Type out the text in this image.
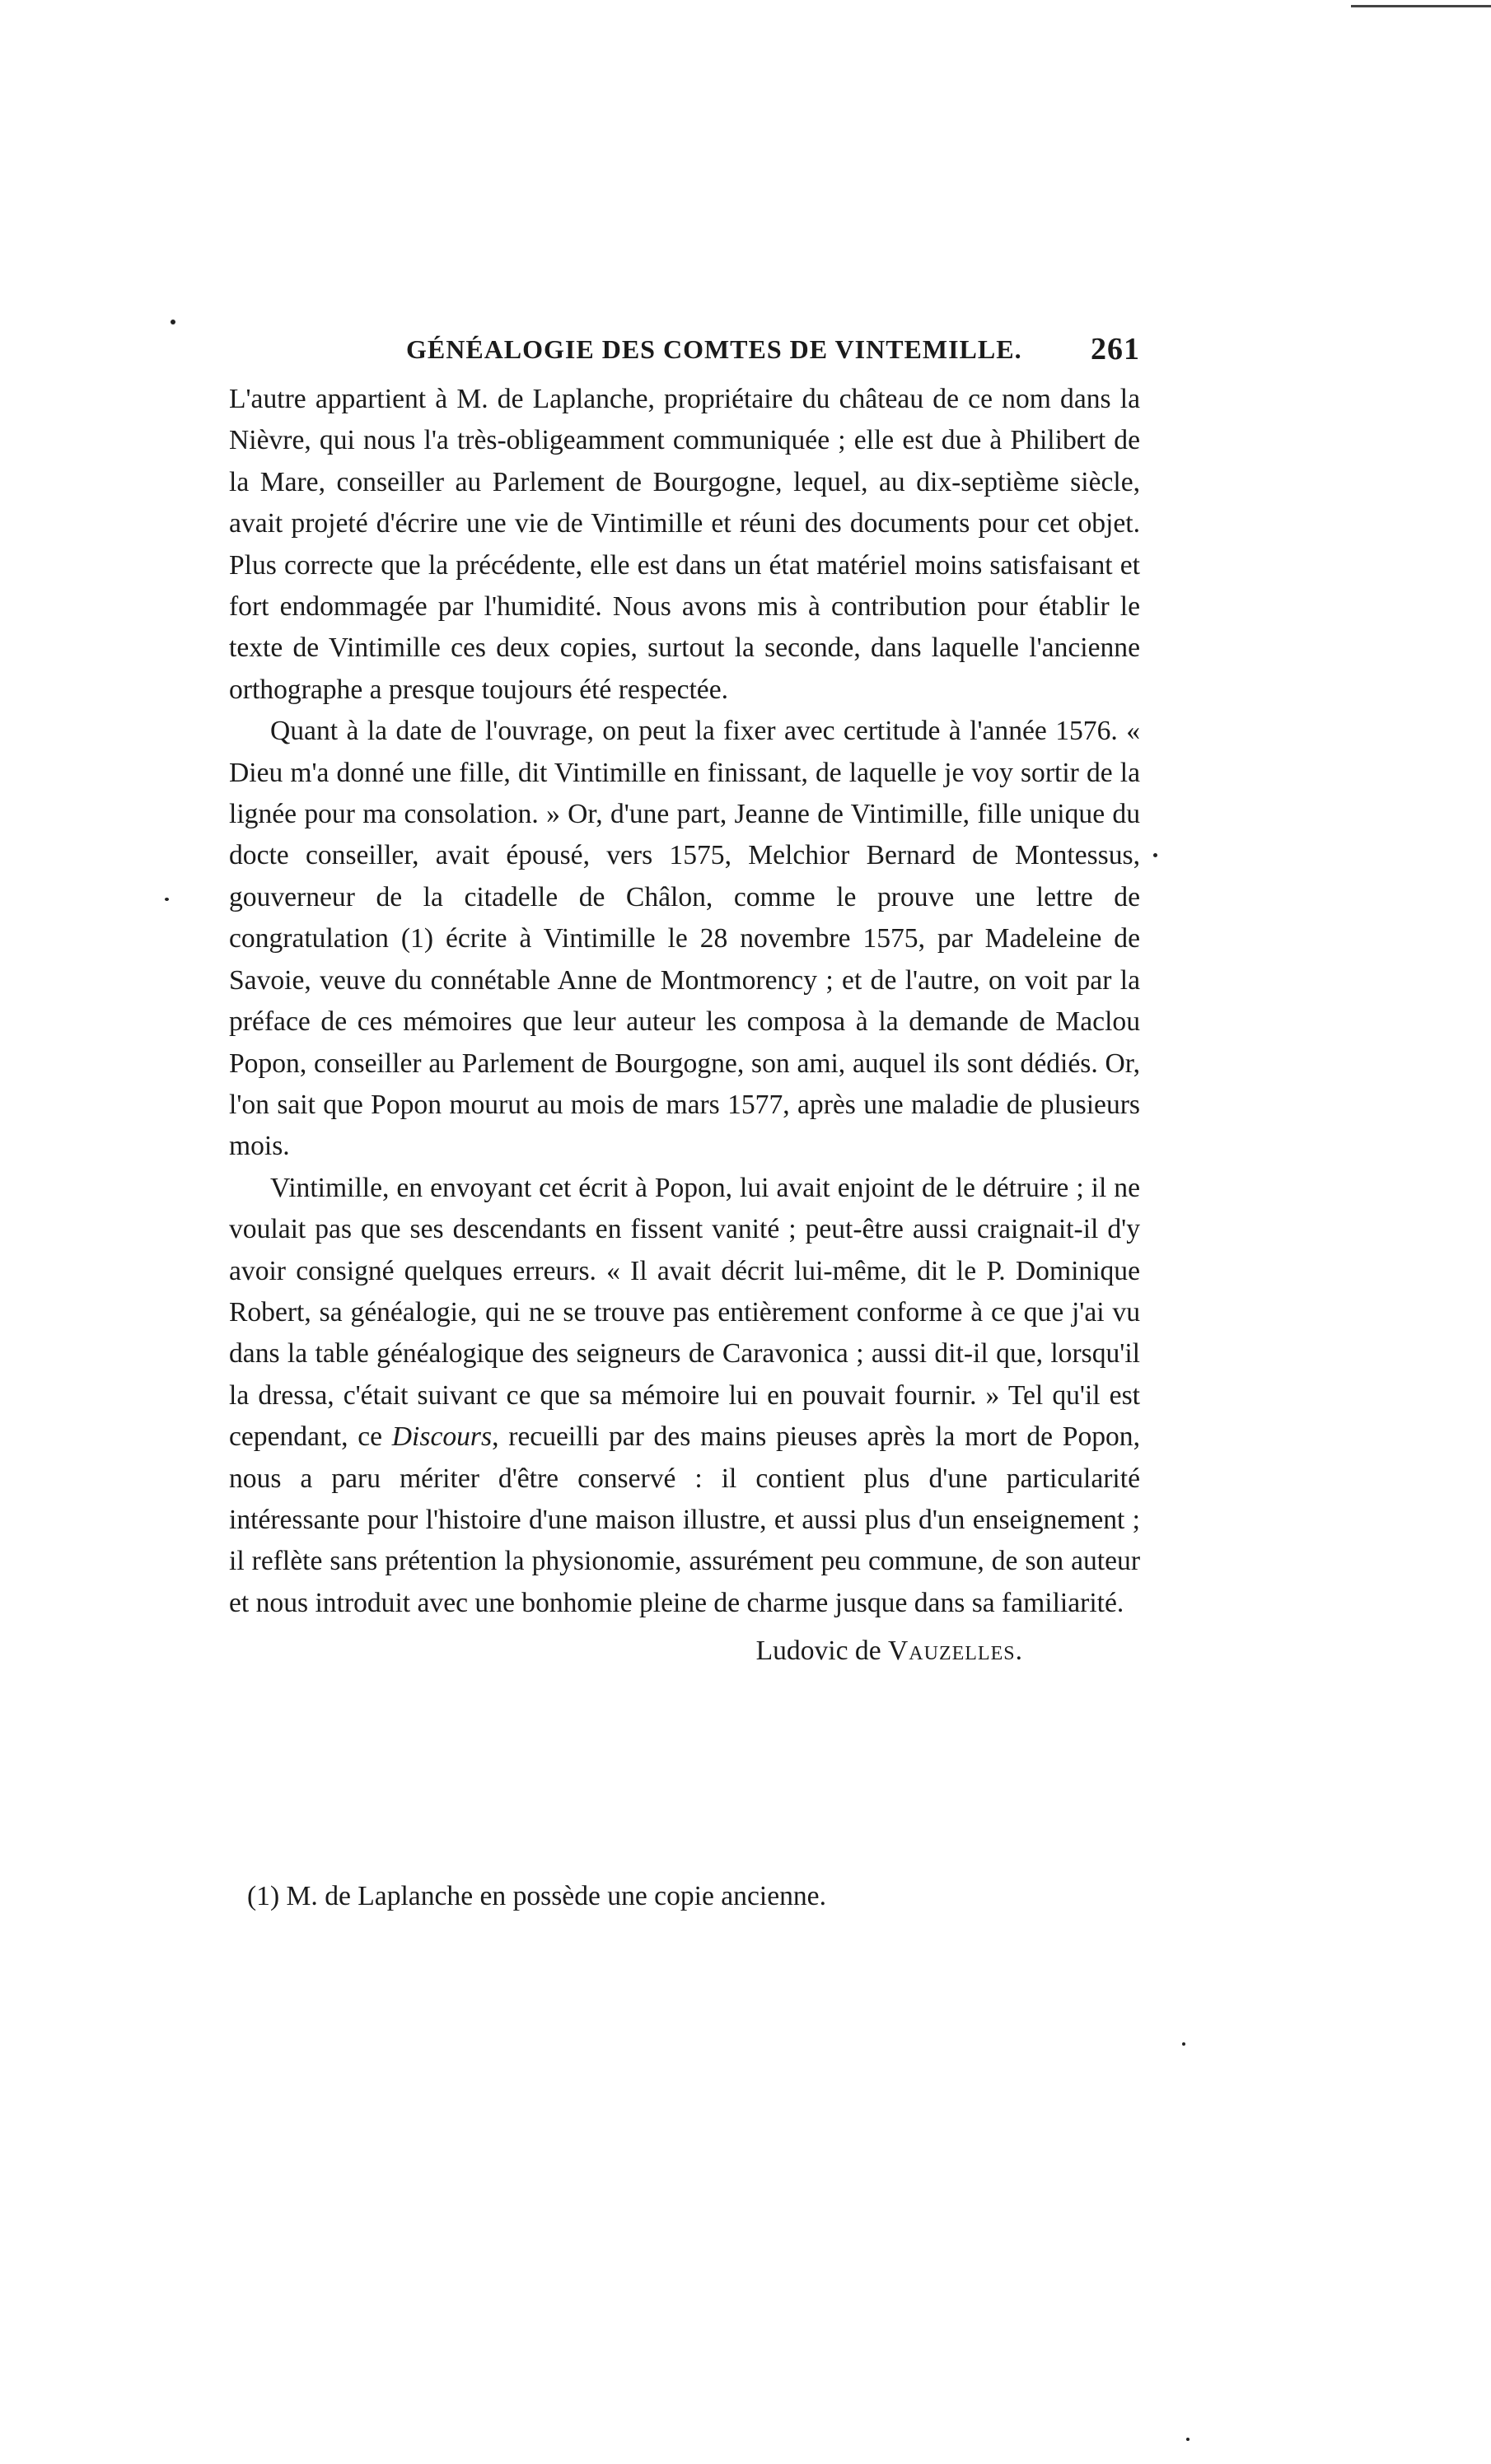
GÉNÉALOGIE DES COMTES DE VINTEMILLE. 261

L'autre appartient à M. de Laplanche, propriétaire du château de ce nom dans la Nièvre, qui nous l'a très-obligeamment communiquée ; elle est due à Philibert de la Mare, conseiller au Parlement de Bourgogne, lequel, au dix-septième siècle, avait projeté d'écrire une vie de Vintimille et réuni des documents pour cet objet. Plus correcte que la précédente, elle est dans un état matériel moins satisfaisant et fort endommagée par l'humidité. Nous avons mis à contribution pour établir le texte de Vintimille ces deux copies, surtout la seconde, dans laquelle l'ancienne orthographe a presque toujours été respectée.

Quant à la date de l'ouvrage, on peut la fixer avec certitude à l'année 1576. « Dieu m'a donné une fille, dit Vintimille en finissant, de laquelle je voy sortir de la lignée pour ma consolation. » Or, d'une part, Jeanne de Vintimille, fille unique du docte conseiller, avait épousé, vers 1575, Melchior Bernard de Montessus, gouverneur de la citadelle de Châlon, comme le prouve une lettre de congratulation (1) écrite à Vintimille le 28 novembre 1575, par Madeleine de Savoie, veuve du connétable Anne de Montmorency ; et de l'autre, on voit par la préface de ces mémoires que leur auteur les composa à la demande de Maclou Popon, conseiller au Parlement de Bourgogne, son ami, auquel ils sont dédiés. Or, l'on sait que Popon mourut au mois de mars 1577, après une maladie de plusieurs mois.

Vintimille, en envoyant cet écrit à Popon, lui avait enjoint de le détruire ; il ne voulait pas que ses descendants en fissent vanité ; peut-être aussi craignait-il d'y avoir consigné quelques erreurs. « Il avait décrit lui-même, dit le P. Dominique Robert, sa généalogie, qui ne se trouve pas entièrement conforme à ce que j'ai vu dans la table généalogique des seigneurs de Caravonica ; aussi dit-il que, lorsqu'il la dressa, c'était suivant ce que sa mémoire lui en pouvait fournir. » Tel qu'il est cependant, ce Discours, recueilli par des mains pieuses après la mort de Popon, nous a paru mériter d'être conservé : il contient plus d'une particularité intéressante pour l'histoire d'une maison illustre, et aussi plus d'un enseignement ; il reflète sans prétention la physionomie, assurément peu commune, de son auteur et nous introduit avec une bonhomie pleine de charme jusque dans sa familiarité.

Ludovic de Vauzelles.
(1) M. de Laplanche en possède une copie ancienne.
